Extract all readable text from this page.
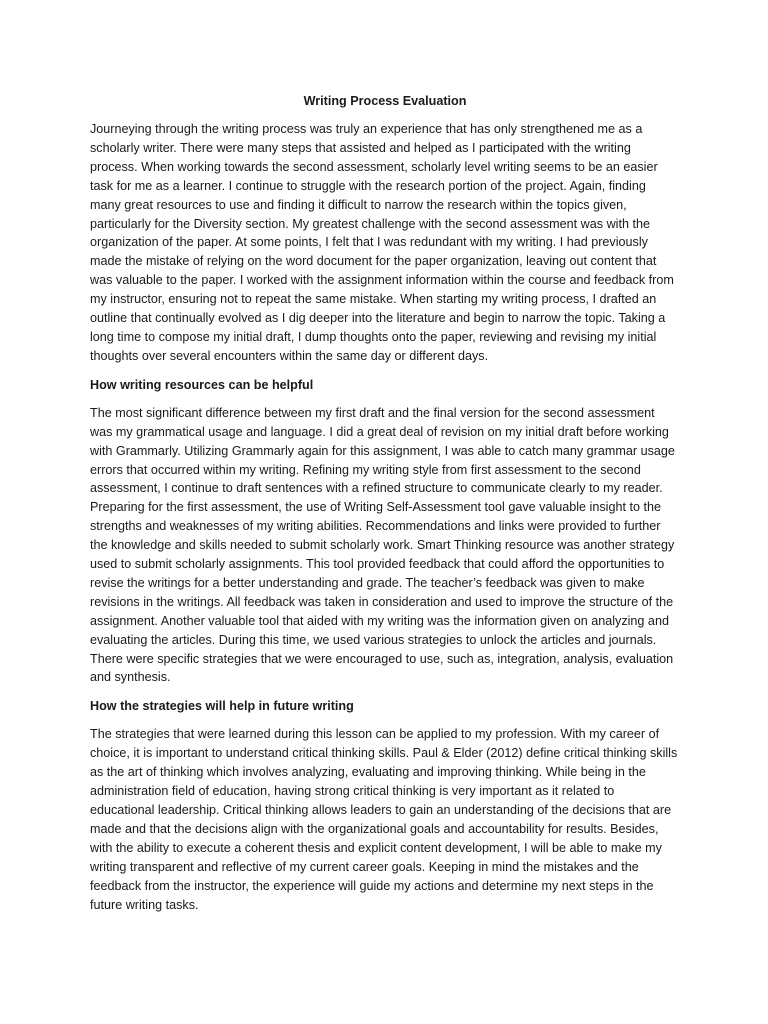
Writing Process Evaluation

Journeying through the writing process was truly an experience that has only strengthened me as a scholarly writer. There were many steps that assisted and helped as I participated with the writing process. When working towards the second assessment, scholarly level writing seems to be an easier task for me as a learner. I continue to struggle with the research portion of the project. Again, finding many great resources to use and finding it difficult to narrow the research within the topics given, particularly for the Diversity section. My greatest challenge with the second assessment was with the organization of the paper. At some points, I felt that I was redundant with my writing. I had previously made the mistake of relying on the word document for the paper organization, leaving out content that was valuable to the paper. I worked with the assignment information within the course and feedback from my instructor, ensuring not to repeat the same mistake. When starting my writing process, I drafted an outline that continually evolved as I dig deeper into the literature and begin to narrow the topic. Taking a long time to compose my initial draft, I dump thoughts onto the paper, reviewing and revising my initial thoughts over several encounters within the same day or different days.

How writing resources can be helpful

The most significant difference between my first draft and the final version for the second assessment was my grammatical usage and language. I did a great deal of revision on my initial draft before working with Grammarly. Utilizing Grammarly again for this assignment, I was able to catch many grammar usage errors that occurred within my writing. Refining my writing style from first assessment to the second assessment, I continue to draft sentences with a refined structure to communicate clearly to my reader. Preparing for the first assessment, the use of Writing Self-Assessment tool gave valuable insight to the strengths and weaknesses of my writing abilities. Recommendations and links were provided to further the knowledge and skills needed to submit scholarly work. Smart Thinking resource was another strategy used to submit scholarly assignments. This tool provided feedback that could afford the opportunities to revise the writings for a better understanding and grade. The teacher’s feedback was given to make revisions in the writings. All feedback was taken in consideration and used to improve the structure of the assignment. Another valuable tool that aided with my writing was the information given on analyzing and evaluating the articles. During this time, we used various strategies to unlock the articles and journals. There were specific strategies that we were encouraged to use, such as, integration, analysis, evaluation and synthesis.

How the strategies will help in future writing

The strategies that were learned during this lesson can be applied to my profession. With my career of choice, it is important to understand critical thinking skills. Paul & Elder (2012) define critical thinking skills as the art of thinking which involves analyzing, evaluating and improving thinking. While being in the administration field of education, having strong critical thinking is very important as it related to educational leadership. Critical thinking allows leaders to gain an understanding of the decisions that are made and that the decisions align with the organizational goals and accountability for results. Besides, with the ability to execute a coherent thesis and explicit content development, I will be able to make my writing transparent and reflective of my current career goals. Keeping in mind the mistakes and the feedback from the instructor, the experience will guide my actions and determine my next steps in the future writing tasks.
